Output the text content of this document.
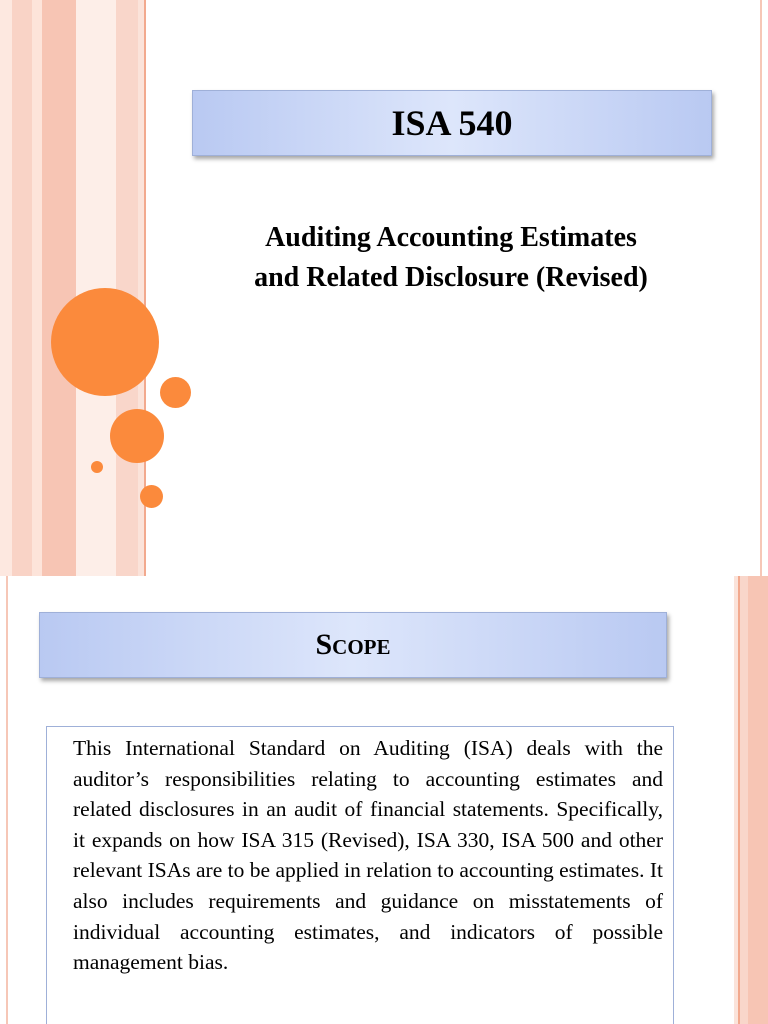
ISA 540
Auditing Accounting Estimates
and Related Disclosure (Revised)
Scope

This International Standard on Auditing (ISA) deals with the auditor’s responsibilities relating to accounting estimates and related disclosures in an audit of financial statements. Specifically, it expands on how ISA 315 (Revised), ISA 330, ISA 500 and other relevant ISAs are to be applied in relation to accounting estimates. It also includes requirements and guidance on misstatements of individual accounting estimates, and indicators of possible management bias.
